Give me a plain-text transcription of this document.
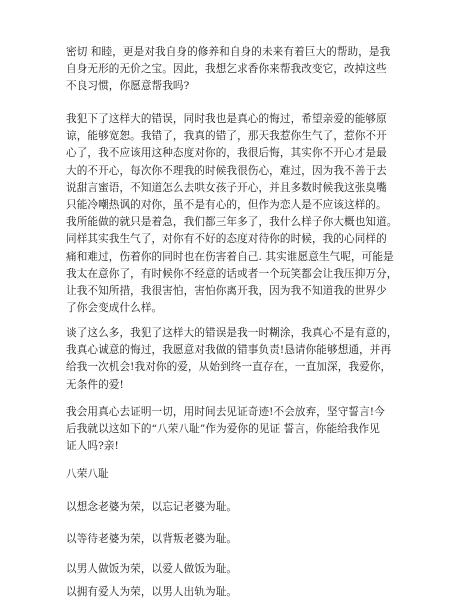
密切 和睦，更是对我自身的修养和自身的未来有着巨大的帮助，是我
自身无形的无价之宝。因此，我想乞求香你来帮我改变它，改掉这些
不良习惯，你愿意帮我吗?
我犯下了这样大的错误，同时我也是真心的悔过，希望亲爱的能够原
谅，能够宽恕。我错了，我真的错了，那天我惹你生气了，惹你不开
心了，我不应该用这种态度对你的，我很后悔，其实你不开心才是最
大的不开心，每次你不理我的时候我很伤心，难过，因为我不善于去
说甜言蜜语，不知道怎么去哄女孩子开心，并且多数时候我这张臭嘴
只能冷嘲热讽的对你，虽不是有心的，但作为恋人是不应该这样的。
我所能做的就只是着急，我们都三年多了，我什么样子你大概也知道。
同样其实我生气了，对你有不好的态度对待你的时候，我的心同样的
痛和难过，伤着你的同时也在伤害着自己. 其实谁愿意生气呢，可能是
我太在意你了，有时候你不经意的话或者一个玩笑都会让我压抑万分，
让我不知所措，我很害怕，害怕你离开我，因为我不知道我的世界少
了你会变成什么样。
谈了这么多，我犯了这样大的错误是我一时糊涂，我真心不是有意的，
我真心诚意的悔过，我愿意对我做的错事负责!恳请你能够想通，并再
给我一次机会!我对你的爱，从始到终一直存在，一直加深，我爱你，
无条件的爱!
我会用真心去证明一切，用时间去见证奇迹!不会放弃，坚守誓言!今
后我就以这如下的“八荣八耻”作为爱你的见证 誓言，你能给我作见
证人吗?亲!
八荣八耻
以想念老婆为荣，以忘记老婆为耻。
以等待老婆为荣，以背叛老婆为耻。
以男人做饭为荣，以爱人做饭为耻。
以拥有爱人为荣，以男人出轨为耻。
